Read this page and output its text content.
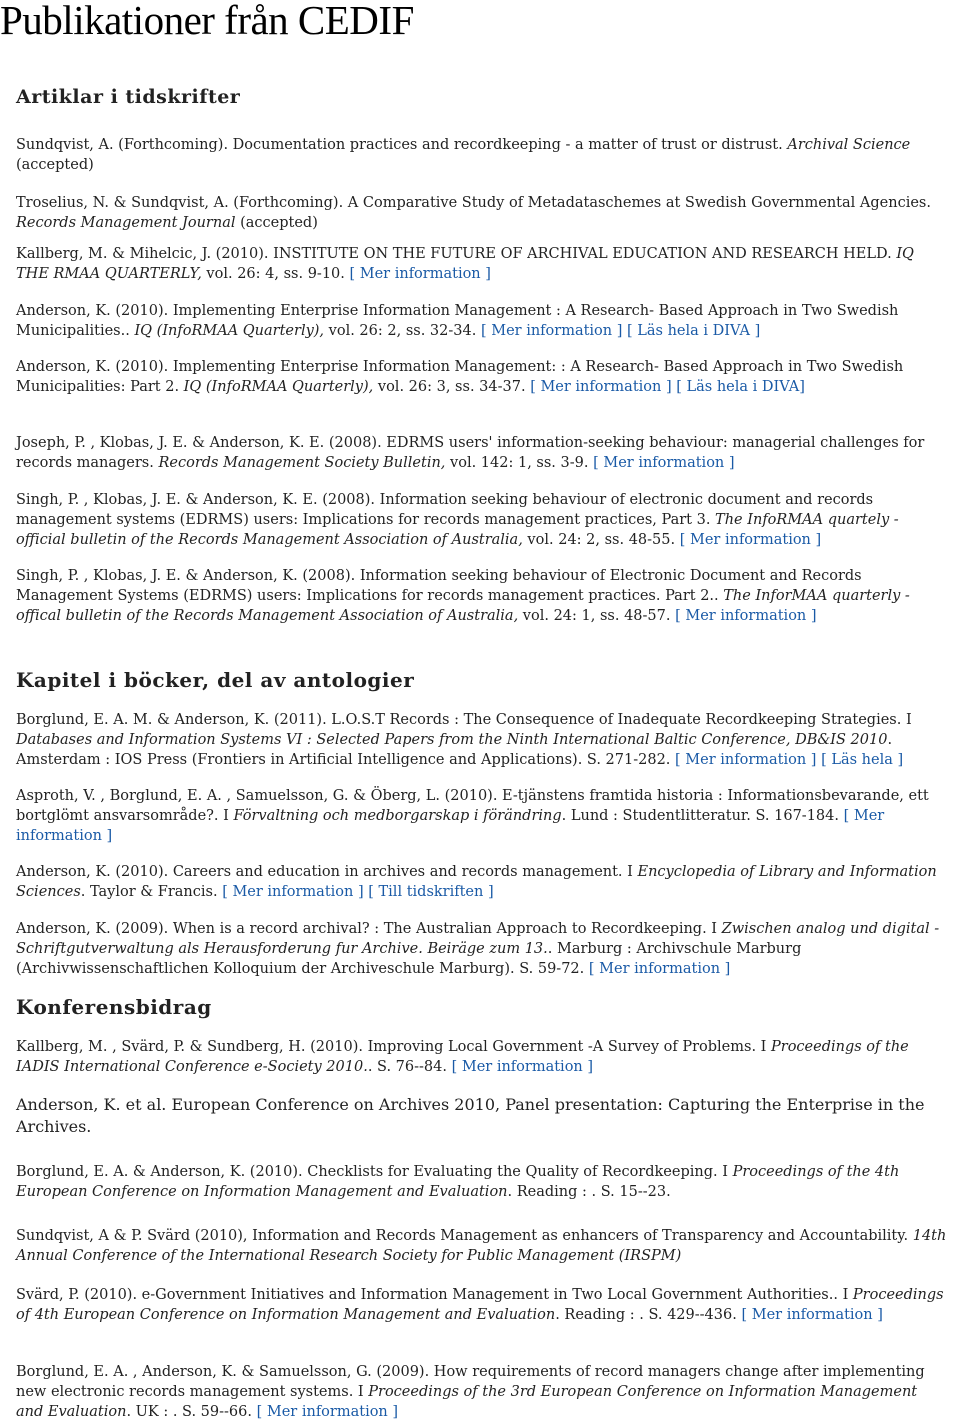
Publikationer från CEDIF
Artiklar i tidskrifter

Sundqvist, A. (Forthcoming). Documentation practices and recordkeeping - a matter of trust or distrust. Archival Science (accepted)

Troselius, N. & Sundqvist, A. (Forthcoming). A Comparative Study of Metadataschemes at Swedish Governmental Agencies. Records Management Journal (accepted)

Kallberg, M. & Mihelcic, J. (2010). INSTITUTE ON THE FUTURE OF ARCHIVAL EDUCATION AND RESEARCH HELD. IQ THE RMAA QUARTERLY, vol. 26: 4, ss. 9-10. [ Mer information ]

Anderson, K. (2010). Implementing Enterprise Information Management : A Research- Based Approach in Two Swedish Municipalities.. IQ (InfoRMAA Quarterly), vol. 26: 2, ss. 32-34. [ Mer information ] [ Läs hela i DIVA ]

Anderson, K. (2010). Implementing Enterprise Information Management: : A Research- Based Approach in Two Swedish Municipalities: Part 2. IQ (InfoRMAA Quarterly), vol. 26: 3, ss. 34-37. [ Mer information ] [ Läs hela i DIVA]

Joseph, P. , Klobas, J. E. & Anderson, K. E. (2008). EDRMS users' information-seeking behaviour: managerial challenges for records managers. Records Management Society Bulletin, vol. 142: 1, ss. 3-9. [ Mer information ]

Singh, P. , Klobas, J. E. & Anderson, K. E. (2008). Information seeking behaviour of electronic document and records management systems (EDRMS) users: Implications for records management practices, Part 3. The InfoRMAA quartely - official bulletin of the Records Management Association of Australia, vol. 24: 2, ss. 48-55. [ Mer information ]

Singh, P. , Klobas, J. E. & Anderson, K. (2008). Information seeking behaviour of Electronic Document and Records Management Systems (EDRMS) users: Implications for records management practices. Part 2.. The InforMAA quarterly - offical bulletin of the Records Management Association of Australia, vol. 24: 1, ss. 48-57. [ Mer information ]

Kapitel i böcker, del av antologier

Borglund, E. A. M. & Anderson, K. (2011). L.O.S.T Records : The Consequence of Inadequate Recordkeeping Strategies. I Databases and Information Systems VI : Selected Papers from the Ninth International Baltic Conference, DB&IS 2010. Amsterdam : IOS Press (Frontiers in Artificial Intelligence and Applications). S. 271-282. [ Mer information ] [ Läs hela ]

Asproth, V. , Borglund, E. A. , Samuelsson, G. & Öberg, L. (2010). E-tjänstens framtida historia : Informationsbevarande, ett bortglömt ansvarsområde?. I Förvaltning och medborgarskap i förändring. Lund : Studentlitteratur. S. 167-184. [ Mer information ]

Anderson, K. (2010). Careers and education in archives and records management. I Encyclopedia of Library and Information Sciences. Taylor & Francis. [ Mer information ] [ Till tidskriften ]

Anderson, K. (2009). When is a record archival? : The Australian Approach to Recordkeeping. I Zwischen analog und digital -Schriftgutverwaltung als Herausforderung fur Archive. Beiräge zum 13.. Marburg : Archivschule Marburg (Archivwissenschaftlichen Kolloquium der Archiveschule Marburg). S. 59-72. [ Mer information ]

Konferensbidrag

Kallberg, M. , Svärd, P. & Sundberg, H. (2010). Improving Local Government -A Survey of Problems. I Proceedings of the IADIS International Conference e-Society 2010.. S. 76--84. [ Mer information ]

Anderson, K. et al. European Conference on Archives 2010, Panel presentation: Capturing the Enterprise in the Archives.

Borglund, E. A. & Anderson, K. (2010). Checklists for Evaluating the Quality of Recordkeeping. I Proceedings of the 4th European Conference on Information Management and Evaluation. Reading : . S. 15--23.

Sundqvist, A & P. Svärd (2010), Information and Records Management as enhancers of Transparency and Accountability. 14th Annual Conference of the International Research Society for Public Management (IRSPM)

Svärd, P. (2010). e-Government Initiatives and Information Management in Two Local Government Authorities.. I Proceedings of 4th European Conference on Information Management and Evaluation. Reading : . S. 429--436. [ Mer information ]

Borglund, E. A. , Anderson, K. & Samuelsson, G. (2009). How requirements of record managers change after implementing new electronic records management systems. I Proceedings of the 3rd European Conference on Information Management and Evaluation. UK : . S. 59--66. [ Mer information ]
